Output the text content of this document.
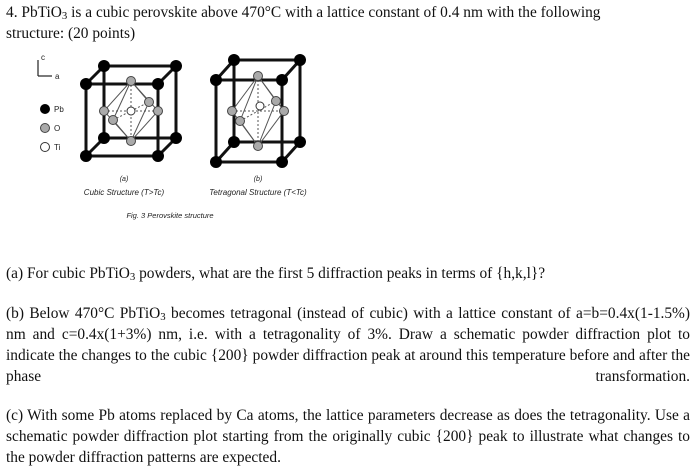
4. PbTiO$_3$ is a cubic perovskite above 470°C with a lattice constant of 0.4 nm with the following
structure: (20 points)
c
a
Pb
O
Ti
(a)
Cubic Structure (T>Tc)
(b)
Tetragonal Structure (T<Tc)
Fig. 3 Perovskite structure
(a) For cubic PbTiO$_3$ powders, what are the first 5 diffraction peaks in terms of {h,k,l}?
(b) Below 470°C PbTiO$_3$ becomes tetragonal (instead of cubic) with a lattice constant of a=b=0.4x(1-1.5%) nm and c=0.4x(1+3%) nm, i.e. with a tetragonality of 3%. Draw a schematic powder diffraction plot to indicate the changes to the cubic {200} powder diffraction peak at around this temperature before and after the phase transformation.
(c) With some Pb atoms replaced by Ca atoms, the lattice parameters decrease as does the tetragonality. Use a schematic powder diffraction plot starting from the originally cubic {200} peak to illustrate what changes to the powder diffraction patterns are expected.
